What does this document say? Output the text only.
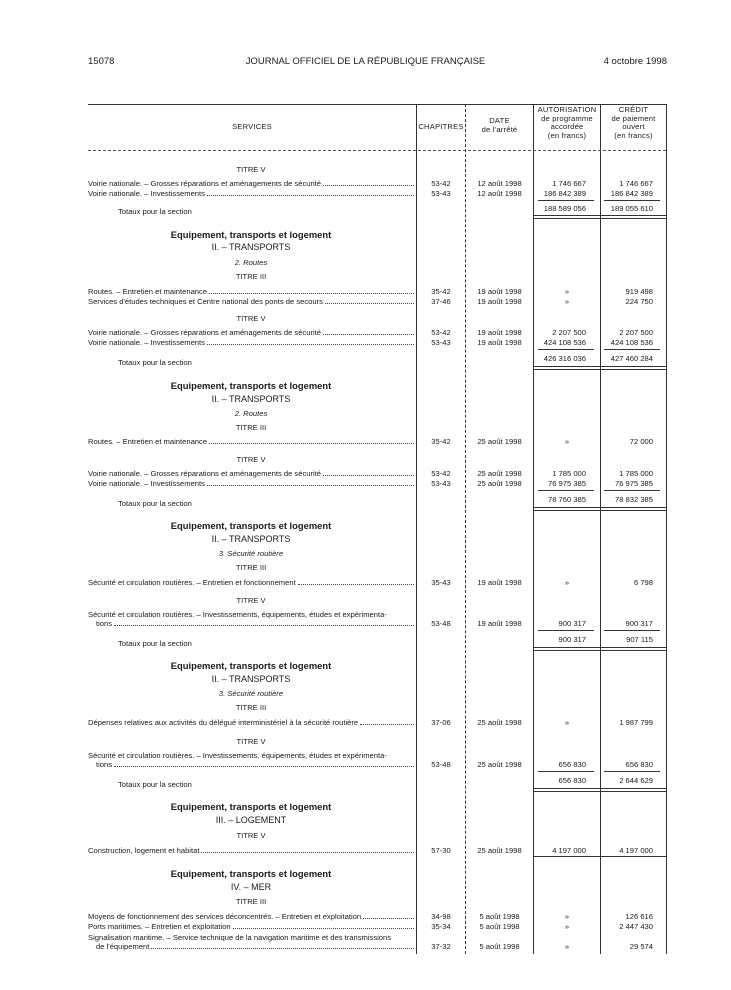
15078	JOURNAL OFFICIEL DE LA RÉPUBLIQUE FRANÇAISE	4 octobre 1998
SERVICES	CHAPITRES
DATE
de l'arrêté
AUTORISATION
de programme
accordée
(en francs)
CRÉDIT
de paiement
ouvert
(en francs)
TITRE V
Voirie nationale. – Grosses réparations et aménagements de sécurité	53-42	12 août 1998	1 746 667	1 746 667
Voirie nationale. – Investissements	53-43	12 août 1998	186 842 389	186 842 389
Totaux pour la section	188 589 056	189 055 610
Equipement, transports et logement
II. – TRANSPORTS
2. Routes
TITRE III
Routes. – Entretien et maintenance	35-42	19 août 1998	»	919 498
Services d'études techniques et Centre national des ponts de secours	37-46	19 août 1998	»	224 750
TITRE V
Voirie nationale. – Grosses réparations et aménagements de sécurité	53-42	19 août 1998	2 207 500	2 207 500
Voirie nationale. – Investissements	53-43	19 août 1998	424 108 536	424 108 536
Totaux pour la section	426 316 036	427 460 284
Equipement, transports et logement
II. – TRANSPORTS
2. Routes
TITRE III
Routes. – Entretien et maintenance	35-42	25 août 1998	»	72 000
TITRE V
Voirie nationale. – Grosses réparations et aménagements de sécurité	53-42	25 août 1998	1 785 000	1 785 000
Voirie nationale. – Investissements	53-43	25 août 1998	76 975 385	76 975 385
Totaux pour la section	78 760 385	78 832 385
Equipement, transports et logement
II. – TRANSPORTS
3. Sécurité routière
TITRE III
Sécurité et circulation routières. – Entretien et fonctionnement	35-43	19 août 1998	»	6 798
TITRE V
Sécurité et circulation routières. – Investissements, équipements, études et expérimenta-
tions	53-48	19 août 1998	900 317	900 317
Totaux pour la section	900 317	907 115
Equipement, transports et logement
II. – TRANSPORTS
3. Sécurité routière
TITRE III
Dépenses relatives aux activités du délégué interministériel à la sécurité routière	37-06	25 août 1998	»	1 987 799
TITRE V
Sécurité et circulation routières. – Investissements, équipements, études et expérimenta-
tions	53-48	25 août 1998	656 830	656 830
Totaux pour la section	656 830	2 644 629
Equipement, transports et logement
III. – LOGEMENT
TITRE V
Construction, logement et habitat	57-30	25 août 1998	4 197 000	4 197 000
Equipement, transports et logement
IV. – MER
TITRE III
Moyens de fonctionnement des services déconcentrés. – Entretien et exploitation	34-98	5 août 1998	»	126 616
Ports maritimes. – Entretien et exploitation	35-34	5 août 1998	»	2 447 430
Signalisation maritime. – Service technique de la navigation maritime et des transmissions
de l'équipement	37-32	5 août 1998	»	29 574
